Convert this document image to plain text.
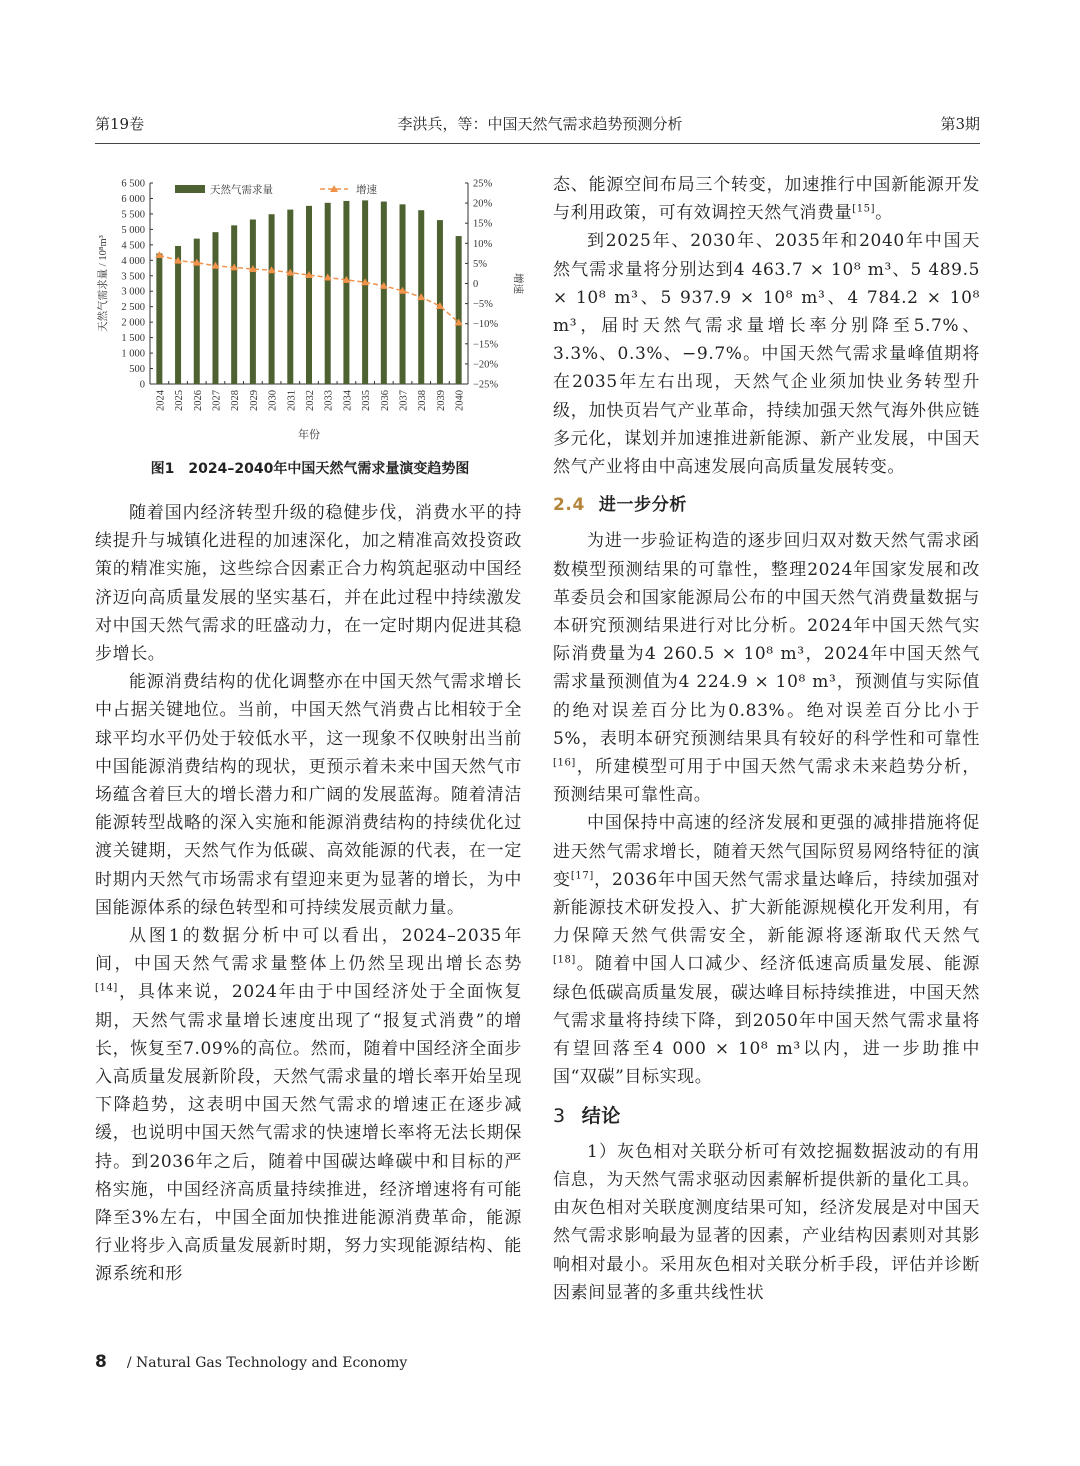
第19卷	李洪兵，等：中国天然气需求趋势预测分析	第3期
0
500
1 000
1 500
2 000
2 500
3 000
3 500
4 000
4 500
5 000
5 500
6 000
6 500
−25%
−20%
−15%
−10%
−5%
0
5%
10%
15%
20%
25%
2024 2025 2026 2027 2028 2029 2030 2031 2032 2033 2034 2035 2036 2037 2038 2039 2040
年份
天然气需求量 / 10⁸m³	增速
天然气需求量	增速
图1　2024–2040年中国天然气需求量演变趋势图

随着国内经济转型升级的稳健步伐，消费水平的持续提升与城镇化进程的加速深化，加之精准高效投资政策的精准实施，这些综合因素正合力构筑起驱动中国经济迈向高质量发展的坚实基石，并在此过程中持续激发对中国天然气需求的旺盛动力，在一定时期内促进其稳步增长。

能源消费结构的优化调整亦在中国天然气需求增长中占据关键地位。当前，中国天然气消费占比相较于全球平均水平仍处于较低水平，这一现象不仅映射出当前中国能源消费结构的现状，更预示着未来中国天然气市场蕴含着巨大的增长潜力和广阔的发展蓝海。随着清洁能源转型战略的深入实施和能源消费结构的持续优化过渡关键期，天然气作为低碳、高效能源的代表，在一定时期内天然气市场需求有望迎来更为显著的增长，为中国能源体系的绿色转型和可持续发展贡献力量。

从图1的数据分析中可以看出，2024–2035年间，中国天然气需求量整体上仍然呈现出增长态势[14]，具体来说，2024年由于中国经济处于全面恢复期，天然气需求量增长速度出现了“报复式消费”的增长，恢复至7.09%的高位。然而，随着中国经济全面步入高质量发展新阶段，天然气需求量的增长率开始呈现下降趋势，这表明中国天然气需求的增速正在逐步减缓，也说明中国天然气需求的快速增长率将无法长期保持。到2036年之后，随着中国碳达峰碳中和目标的严格实施，中国经济高质量持续推进，经济增速将有可能降至3%左右，中国全面加快推进能源消费革命，能源行业将步入高质量发展新时期，努力实现能源结构、能源系统和形

态、能源空间布局三个转变，加速推行中国新能源开发与利用政策，可有效调控天然气消费量[15]。

到2025年、2030年、2035年和2040年中国天然气需求量将分别达到4 463.7 × 10⁸ m³、5 489.5 × 10⁸ m³、5 937.9 × 10⁸ m³、4 784.2 × 10⁸ m³，届时天然气需求量增长率分别降至5.7%、3.3%、0.3%、−9.7%。中国天然气需求量峰值期将在2035年左右出现，天然气企业须加快业务转型升级，加快页岩气产业革命，持续加强天然气海外供应链多元化，谋划并加速推进新能源、新产业发展，中国天然气产业将由中高速发展向高质量发展转变。

2.4 进一步分析

为进一步验证构造的逐步回归双对数天然气需求函数模型预测结果的可靠性，整理2024年国家发展和改革委员会和国家能源局公布的中国天然气消费量数据与本研究预测结果进行对比分析。2024年中国天然气实际消费量为4 260.5 × 10⁸ m³，2024年中国天然气需求量预测值为4 224.9 × 10⁸ m³，预测值与实际值的绝对误差百分比为0.83%。绝对误差百分比小于5%，表明本研究预测结果具有较好的科学性和可靠性[16]，所建模型可用于中国天然气需求未来趋势分析，预测结果可靠性高。

中国保持中高速的经济发展和更强的减排措施将促进天然气需求增长，随着天然气国际贸易网络特征的演变[17]，2036年中国天然气需求量达峰后，持续加强对新能源技术研发投入、扩大新能源规模化开发利用，有力保障天然气供需安全，新能源将逐渐取代天然气[18]。随着中国人口减少、经济低速高质量发展、能源绿色低碳高质量发展，碳达峰目标持续推进，中国天然气需求量将持续下降，到2050年中国天然气需求量将有望回落至4 000 × 10⁸ m³以内，进一步助推中国“双碳”目标实现。

3 结论

1）灰色相对关联分析可有效挖掘数据波动的有用信息，为天然气需求驱动因素解析提供新的量化工具。由灰色相对关联度测度结果可知，经济发展是对中国天然气需求影响最为显著的因素，产业结构因素则对其影响相对最小。采用灰色相对关联分析手段，评估并诊断因素间显著的多重共线性状

8 / Natural Gas Technology and Economy
